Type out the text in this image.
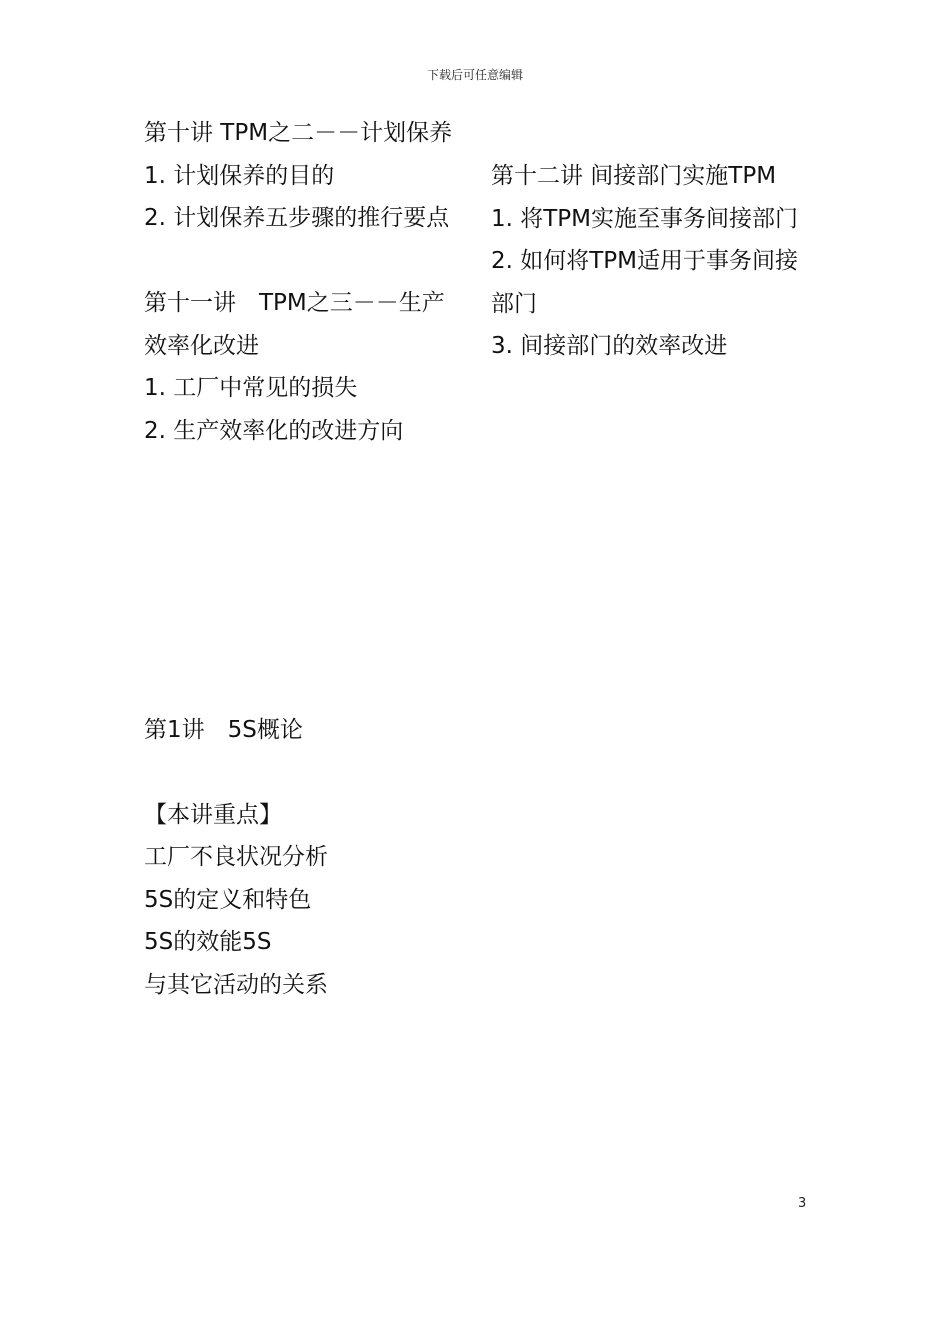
下载后可任意编辑
第十讲 TPM之二－－计划保养
1. 计划保养的目的
2. 计划保养五步骤的推行要点
第十一讲　TPM之三－－生产
效率化改进
1. 工厂中常见的损失
2. 生产效率化的改进方向
第十二讲 间接部门实施TPM
1. 将TPM实施至事务间接部门
2. 如何将TPM适用于事务间接
部门
3. 间接部门的效率改进
第1讲　5S概论
【本讲重点】
工厂不良状况分析
5S的定义和特色
5S的效能5S
与其它活动的关系
3
